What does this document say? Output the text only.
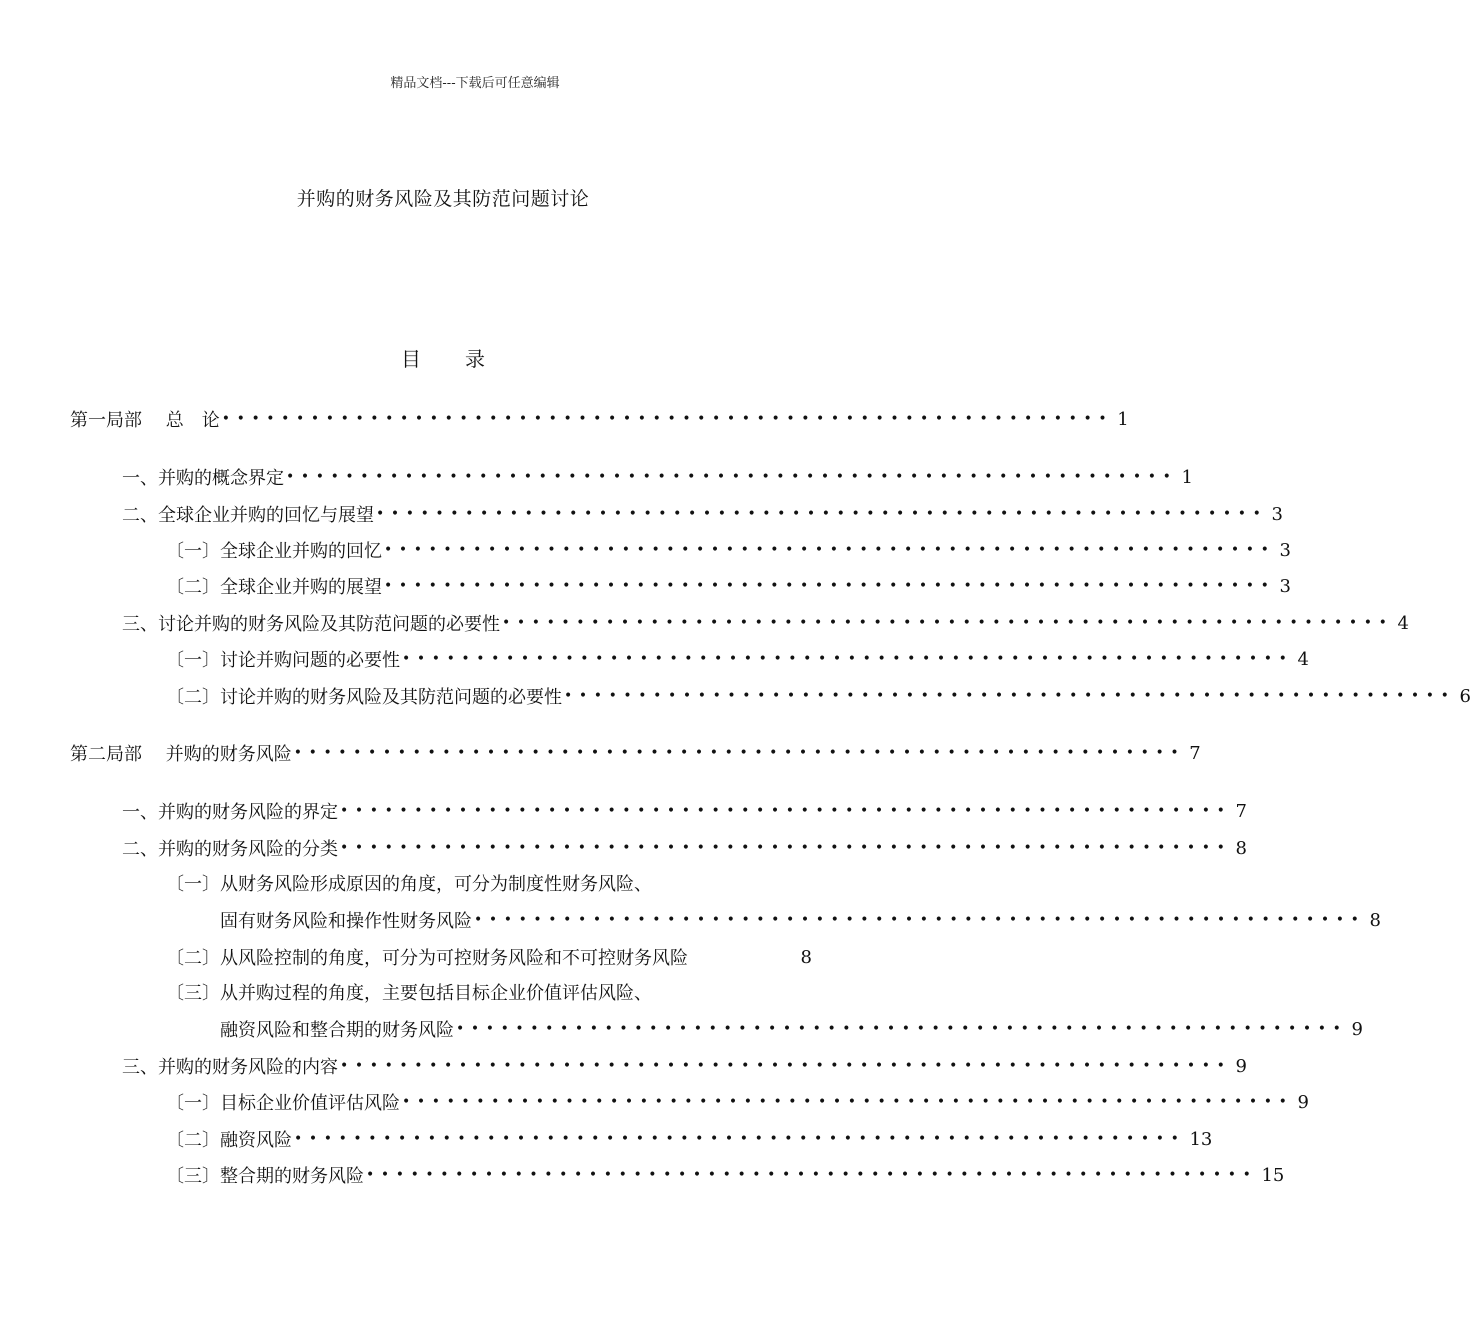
精品文档---下载后可任意编辑
并购的财务风险及其防范问题讨论
目录
第一局部　 总　论 •••••••••••••••••••••••••••••••••••••••••••••••••••••••••••• 1
一、并购的概念界定 •••••••••••••••••••••••••••••••••••••••••••••••••••••••••••• 1
二、全球企业并购的回忆与展望 •••••••••••••••••••••••••••••••••••••••••••••••••••••••••••• 3
〔一〕全球企业并购的回忆 •••••••••••••••••••••••••••••••••••••••••••••••••••••••••••• 3
〔二〕全球企业并购的展望 •••••••••••••••••••••••••••••••••••••••••••••••••••••••••••• 3
三、讨论并购的财务风险及其防范问题的必要性 •••••••••••••••••••••••••••••••••••••••••••••••••••••••••••• 4
〔一〕讨论并购问题的必要性 •••••••••••••••••••••••••••••••••••••••••••••••••••••••••••• 4
〔二〕讨论并购的财务风险及其防范问题的必要性 •••••••••••••••••••••••••••••••••••••••••••••••••••••••••••• 6
第二局部　 并购的财务风险 •••••••••••••••••••••••••••••••••••••••••••••••••••••••••••• 7
一、并购的财务风险的界定 •••••••••••••••••••••••••••••••••••••••••••••••••••••••••••• 7
二、并购的财务风险的分类 •••••••••••••••••••••••••••••••••••••••••••••••••••••••••••• 8
〔一〕从财务风险形成原因的角度，可分为制度性财务风险、
固有财务风险和操作性财务风险 •••••••••••••••••••••••••••••••••••••••••••••••••••••••••••• 8
〔二〕从风险控制的角度，可分为可控财务风险和不可控财务风险	8
〔三〕从并购过程的角度，主要包括目标企业价值评估风险、
融资风险和整合期的财务风险 •••••••••••••••••••••••••••••••••••••••••••••••••••••••••••• 9
三、并购的财务风险的内容 •••••••••••••••••••••••••••••••••••••••••••••••••••••••••••• 9
〔一〕目标企业价值评估风险 •••••••••••••••••••••••••••••••••••••••••••••••••••••••••••• 9
〔二〕融资风险 •••••••••••••••••••••••••••••••••••••••••••••••••••••••••••• 13
〔三〕整合期的财务风险 •••••••••••••••••••••••••••••••••••••••••••••••••••••••••••• 15
